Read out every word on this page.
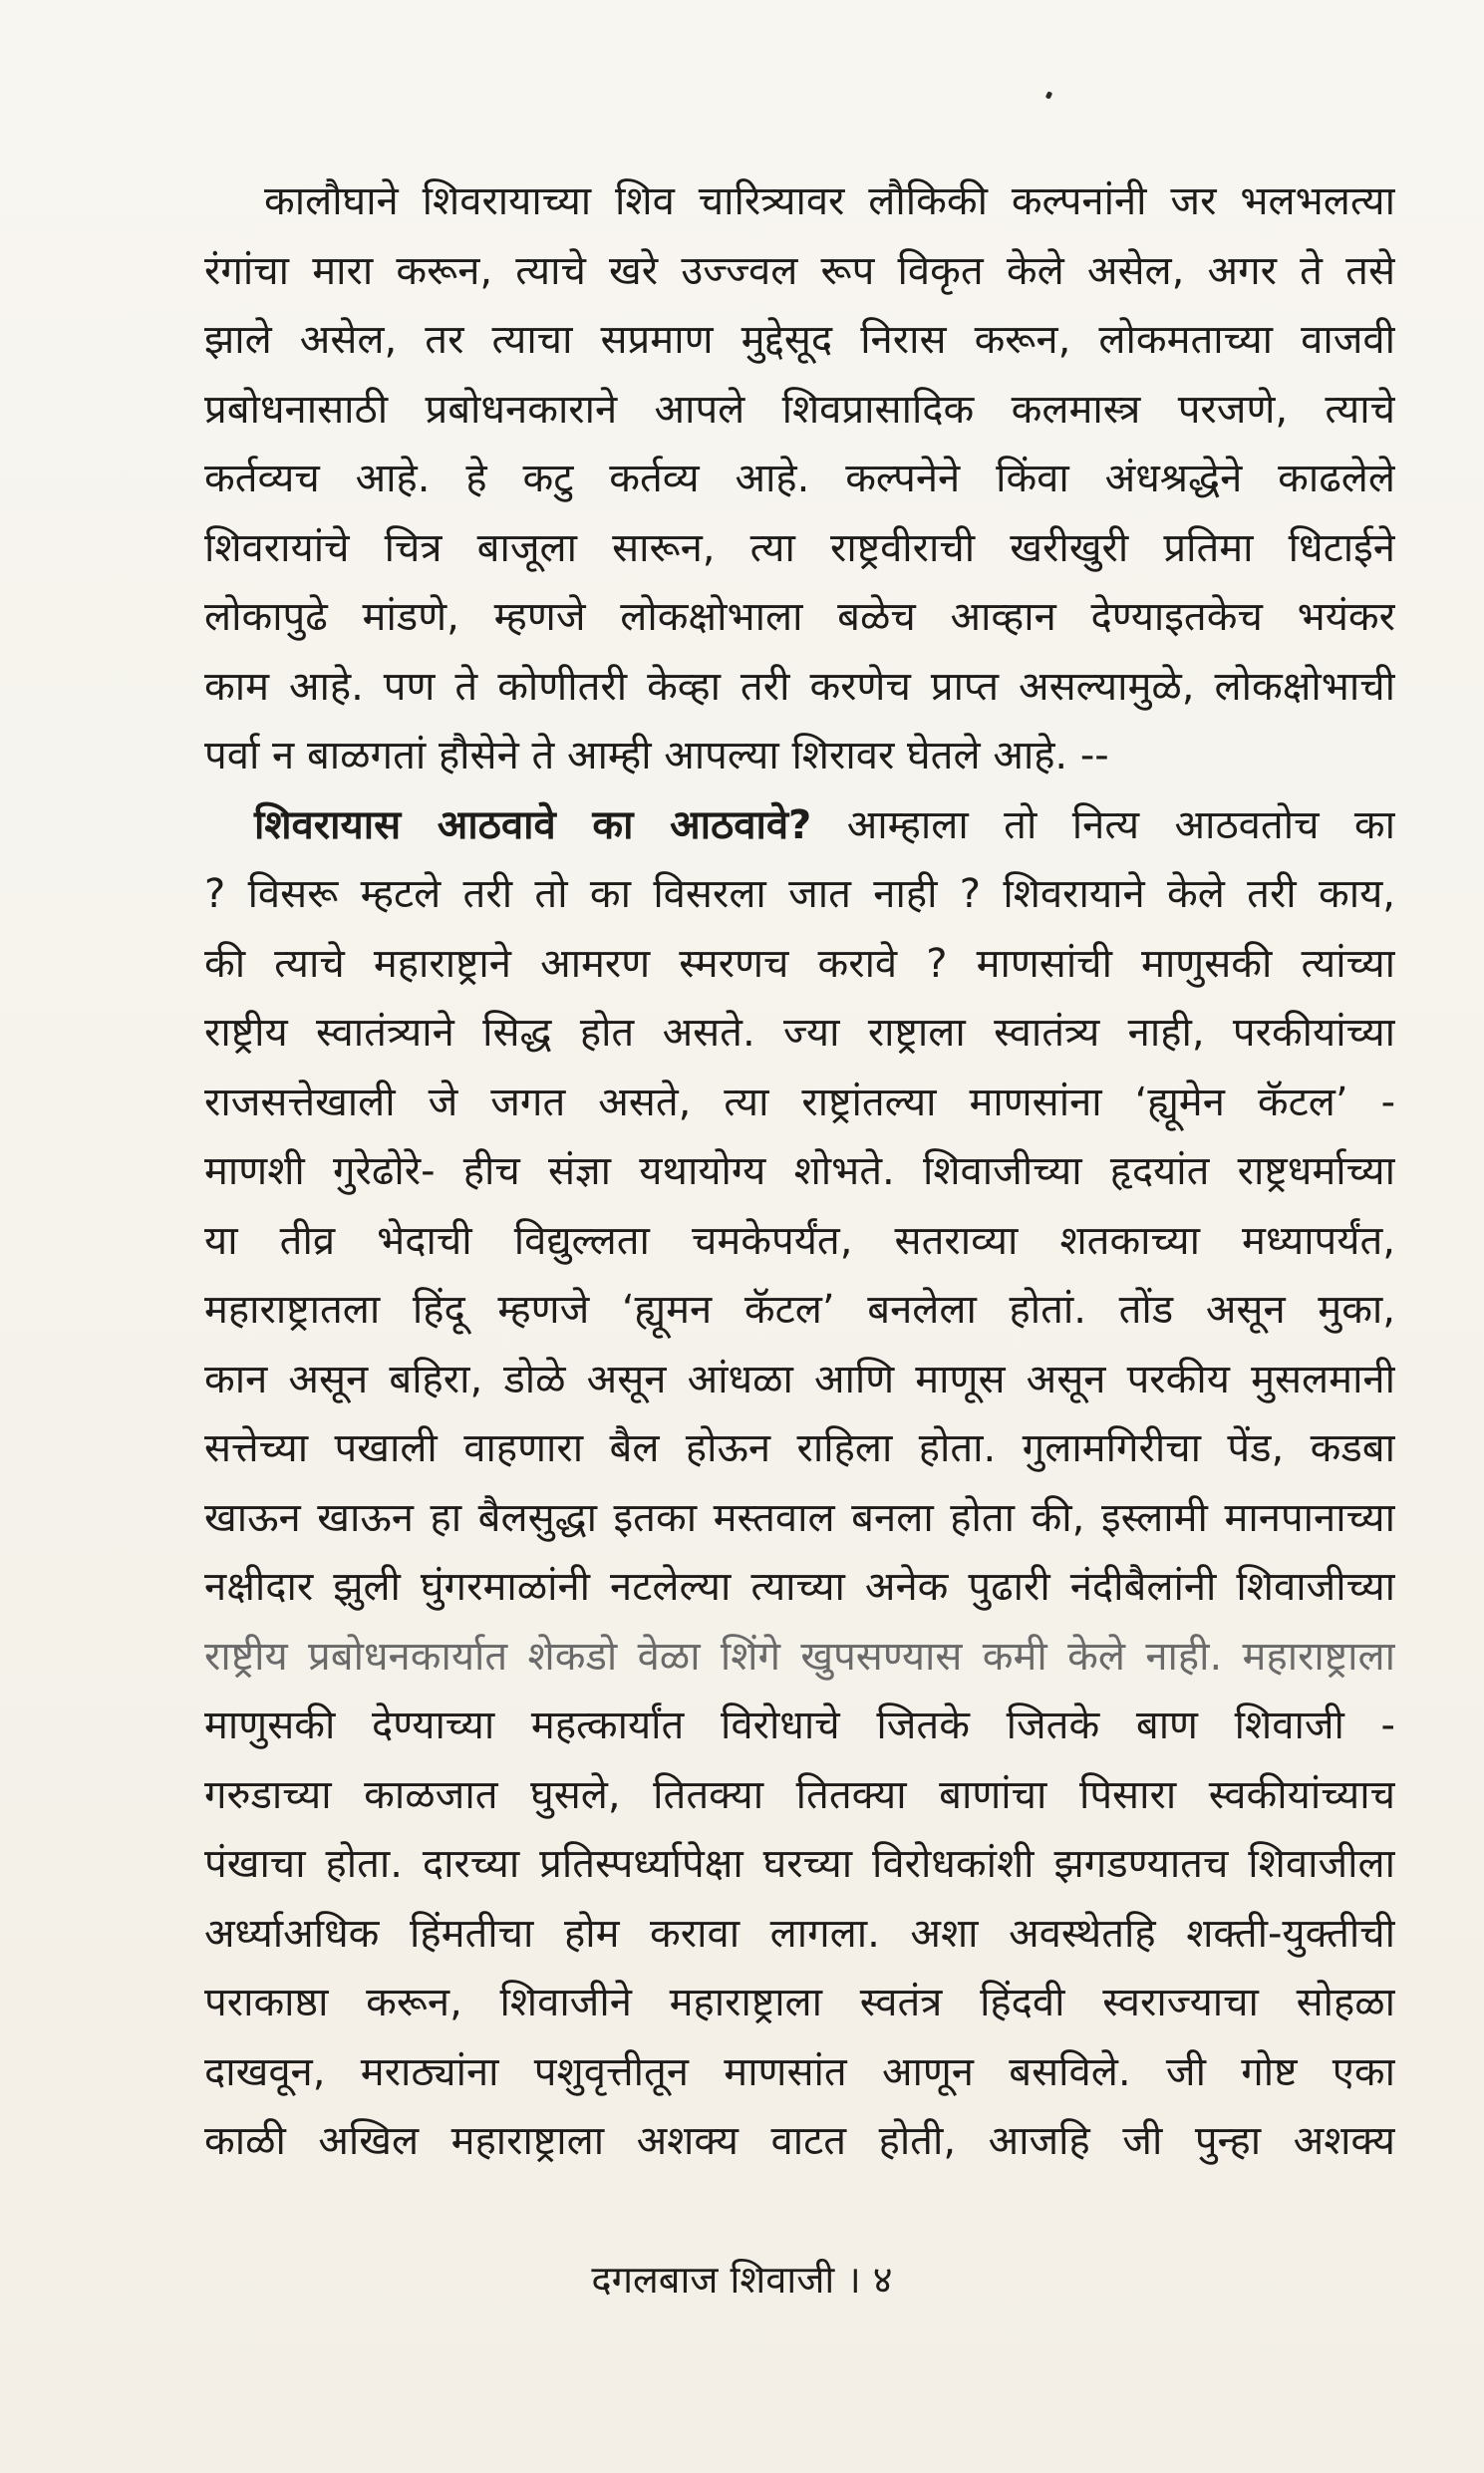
कालौघाने शिवरायाच्या शिव चारित्र्यावर लौकिकी कल्पनांनी जर भलभलत्या
रंगांचा मारा करून, त्याचे खरे उज्ज्वल रूप विकृत केले असेल, अगर ते तसे
झाले असेल, तर त्याचा सप्रमाण मुद्देसूद निरास करून, लोकमताच्या वाजवी
प्रबोधनासाठी प्रबोधनकाराने आपले शिवप्रासादिक कलमास्त्र परजणे, त्याचे
कर्तव्यच आहे. हे कटु कर्तव्य आहे. कल्पनेने किंवा अंधश्रद्धेने काढलेले
शिवरायांचे चित्र बाजूला सारून, त्या राष्ट्रवीराची खरीखुरी प्रतिमा धिटाईने
लोकापुढे मांडणे, म्हणजे लोकक्षोभाला बळेच आव्हान देण्याइतकेच भयंकर
काम आहे. पण ते कोणीतरी केव्हा तरी करणेच प्राप्त असल्यामुळे, लोकक्षोभाची
पर्वा न बाळगतां हौसेने ते आम्ही आपल्या शिरावर घेतले आहे. --
शिवरायास आठवावे का आठवावे? आम्हाला तो नित्य आठवतोच का
? विसरू म्हटले तरी तो का विसरला जात नाही ? शिवरायाने केले तरी काय,
की त्याचे महाराष्ट्राने आमरण स्मरणच करावे ? माणसांची माणुसकी त्यांच्या
राष्ट्रीय स्वातंत्र्याने सिद्ध होत असते. ज्या राष्ट्राला स्वातंत्र्य नाही, परकीयांच्या
राजसत्तेखाली जे जगत असते, त्या राष्ट्रांतल्या माणसांना ‘ह्यूमेन कॅटल’ -
माणशी गुरेढोरे- हीच संज्ञा यथायोग्य शोभते. शिवाजीच्या हृदयांत राष्ट्रधर्माच्या
या तीव्र भेदाची विद्युल्लता चमकेपर्यंत, सतराव्या शतकाच्या मध्यापर्यंत,
महाराष्ट्रातला हिंदू म्हणजे ‘ह्यूमन कॅटल’ बनलेला होतां. तोंड असून मुका,
कान असून बहिरा, डोळे असून आंधळा आणि माणूस असून परकीय मुसलमानी
सत्तेच्या पखाली वाहणारा बैल होऊन राहिला होता. गुलामगिरीचा पेंड, कडबा
खाऊन खाऊन हा बैलसुद्धा इतका मस्तवाल बनला होता की, इस्लामी मानपानाच्या
नक्षीदार झुली घुंगरमाळांनी नटलेल्या त्याच्या अनेक पुढारी नंदीबैलांनी शिवाजीच्या
राष्ट्रीय प्रबोधनकार्यात शेकडो वेळा शिंगे खुपसण्यास कमी केले नाही. महाराष्ट्राला
माणुसकी देण्याच्या महत्कार्यांत विरोधाचे जितके जितके बाण शिवाजी -
गरुडाच्या काळजात घुसले, तितक्या तितक्या बाणांचा पिसारा स्वकीयांच्याच
पंखाचा होता. दारच्या प्रतिस्पर्ध्यापेक्षा घरच्या विरोधकांशी झगडण्यातच शिवाजीला
अर्ध्याअधिक हिंमतीचा होम करावा लागला. अशा अवस्थेतहि शक्ती-युक्तीची
पराकाष्ठा करून, शिवाजीने महाराष्ट्राला स्वतंत्र हिंदवी स्वराज्याचा सोहळा
दाखवून, मराठ्यांना पशुवृत्तीतून माणसांत आणून बसविले. जी गोष्ट एका
काळी अखिल महाराष्ट्राला अशक्य वाटत होती, आजहि जी पुन्हा अशक्य
दगलबाज शिवाजी । ४
